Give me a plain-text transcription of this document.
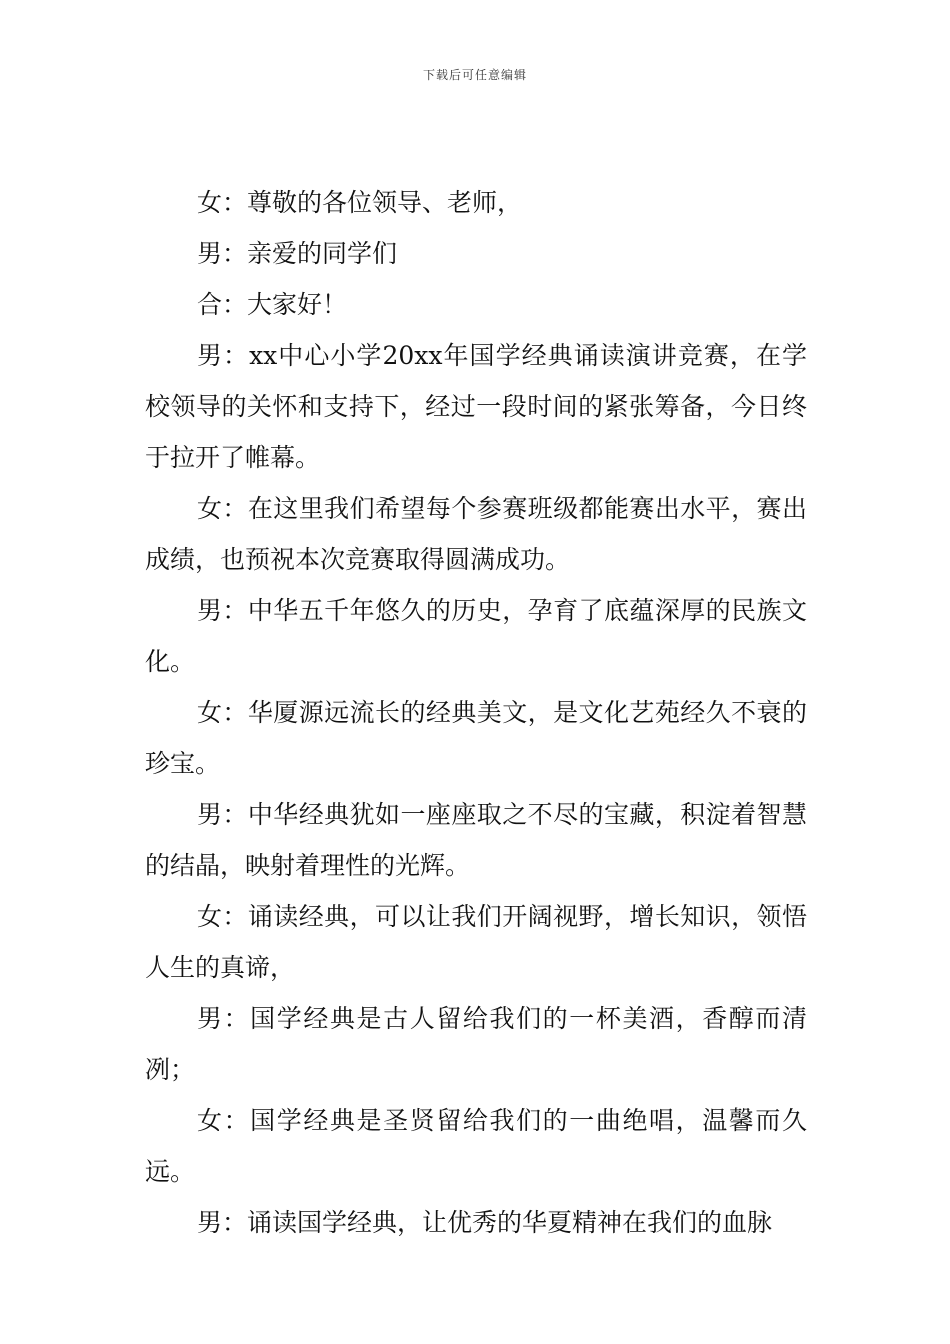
下载后可任意编辑

女：尊敬的各位领导、老师，

男：亲爱的同学们

合：大家好！

男：xx中心小学20xx年国学经典诵读演讲竞赛，在学校领导的关怀和支持下，经过一段时间的紧张筹备，今日终于拉开了帷幕。

女：在这里我们希望每个参赛班级都能赛出水平，赛出成绩，也预祝本次竞赛取得圆满成功。

男：中华五千年悠久的历史，孕育了底蕴深厚的民族文化。

女：华厦源远流长的经典美文，是文化艺苑经久不衰的珍宝。

男：中华经典犹如一座座取之不尽的宝藏，积淀着智慧的结晶，映射着理性的光辉。

女：诵读经典，可以让我们开阔视野，增长知识，领悟人生的真谛，

男：国学经典是古人留给我们的一杯美酒，香醇而清冽；

女：国学经典是圣贤留给我们的一曲绝唱，温馨而久远。

男：诵读国学经典，让优秀的华夏精神在我们的血脉
